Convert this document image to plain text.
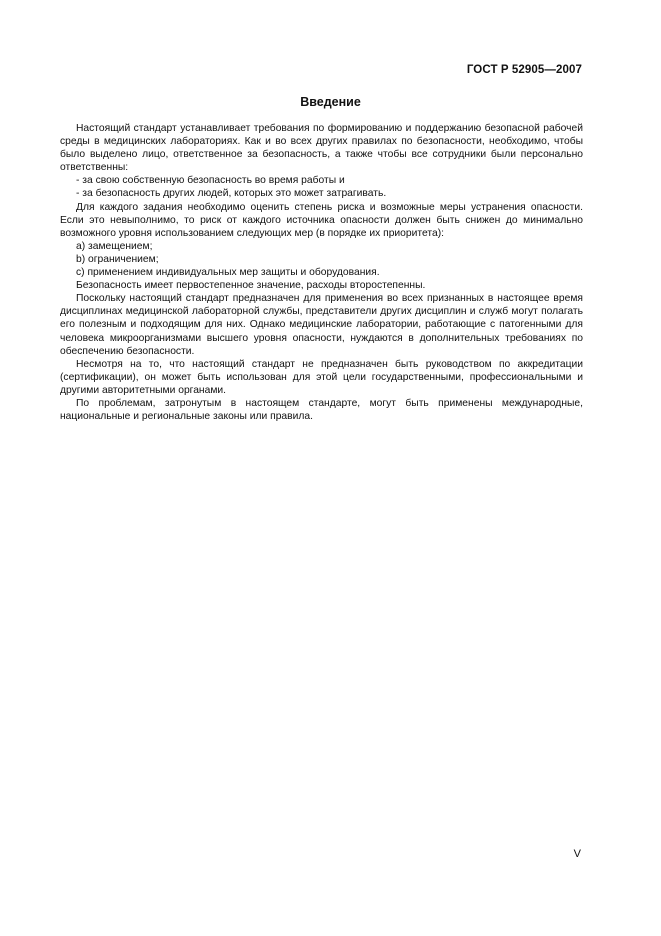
ГОСТ Р 52905—2007
Введение

Настоящий стандарт устанавливает требования по формированию и поддержанию безопасной рабочей среды в медицинских лабораториях. Как и во всех других правилах по безопасности, необходимо, чтобы было выделено лицо, ответственное за безопасность, а также чтобы все сотрудники были персонально ответственны:

- за свою собственную безопасность во время работы и

- за безопасность других людей, которых это может затрагивать.

Для каждого задания необходимо оценить степень риска и возможные меры устранения опасности. Если это невыполнимо, то риск от каждого источника опасности должен быть снижен до минимально возможного уровня использованием следующих мер (в порядке их приоритета):

a) замещением;

b) ограничением;

c) применением индивидуальных мер защиты и оборудования.

Безопасность имеет первостепенное значение, расходы второстепенны.

Поскольку настоящий стандарт предназначен для применения во всех признанных в настоящее время дисциплинах медицинской лабораторной службы, представители других дисциплин и служб могут полагать его полезным и подходящим для них. Однако медицинские лаборатории, работающие с патогенными для человека микроорганизмами высшего уровня опасности, нуждаются в дополнительных требованиях по обеспечению безопасности.

Несмотря на то, что настоящий стандарт не предназначен быть руководством по аккредитации (сертификации), он может быть использован для этой цели государственными, профессиональными и другими авторитетными органами.

По проблемам, затронутым в настоящем стандарте, могут быть применены международные, национальные и региональные законы или правила.

V
